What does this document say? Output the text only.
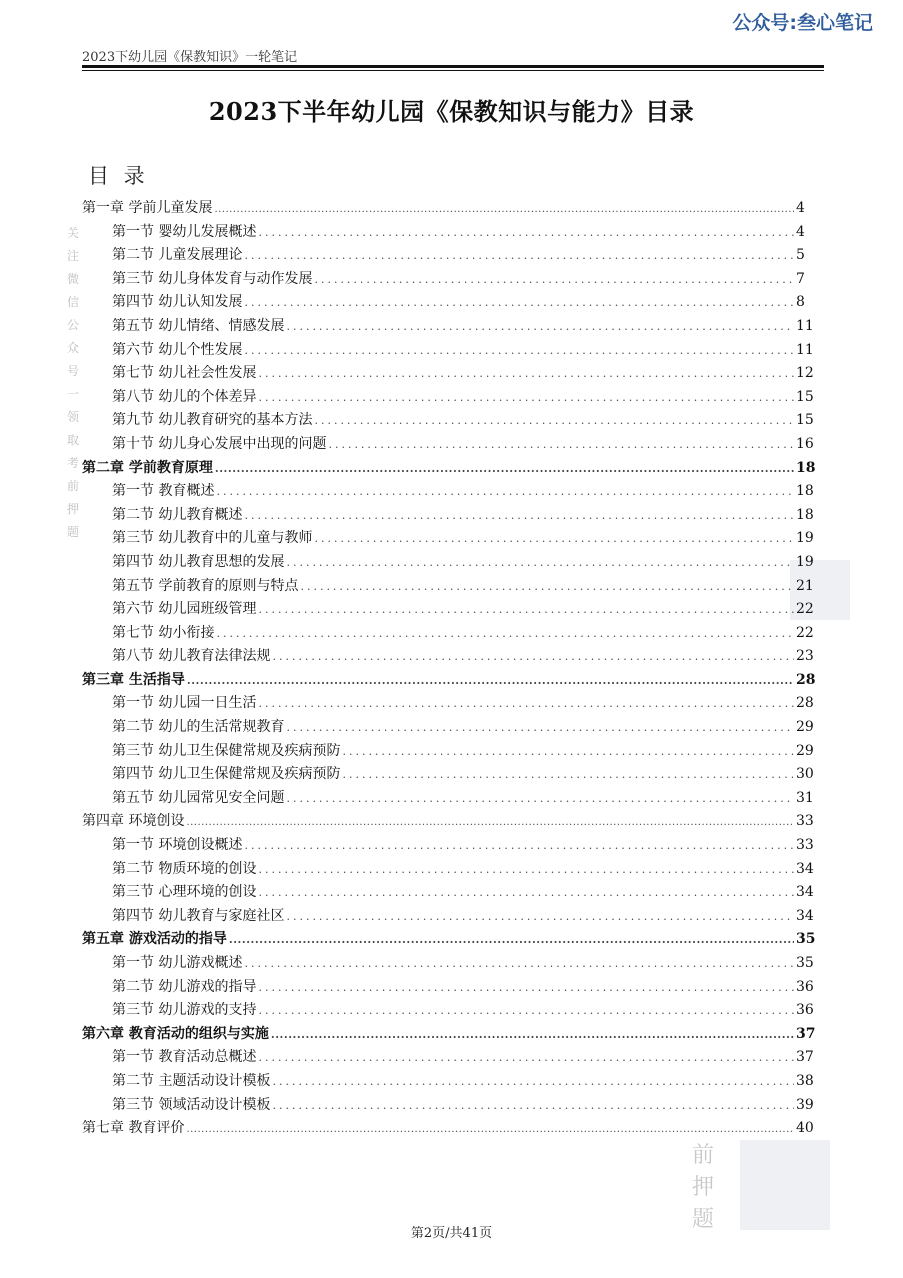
公众号:叁心笔记
2023下幼儿园《保教知识》一轮笔记
2023下半年幼儿园《保教知识与能力》目录
目 录
关注微信公众号一领取考前押题
前押题
第一章 学前儿童发展 .....	4
第一节 婴幼儿发展概述 .....	4
第二节 儿童发展理论 .....	5
第三节 幼儿身体发育与动作发展 .....	7
第四节 幼儿认知发展 .....	8
第五节 幼儿情绪、情感发展 .....	11
第六节 幼儿个性发展 .....	11
第七节 幼儿社会性发展 .....	12
第八节 幼儿的个体差异 .....	15
第九节 幼儿教育研究的基本方法 .....	15
第十节 幼儿身心发展中出现的问题 .....	16
第二章 学前教育原理 .....	18
第一节 教育概述 .....	18
第二节 幼儿教育概述 .....	18
第三节 幼儿教育中的儿童与教师 .....	19
第四节 幼儿教育思想的发展 .....	19
第五节 学前教育的原则与特点 .....	21
第六节 幼儿园班级管理 .....	22
第七节 幼小衔接 .....	22
第八节 幼儿教育法律法规 .....	23
第三章 生活指导 .....	28
第一节 幼儿园一日生活 .....	28
第二节 幼儿的生活常规教育 .....	29
第三节 幼儿卫生保健常规及疾病预防 .....	29
第四节 幼儿卫生保健常规及疾病预防 .....	30
第五节 幼儿园常见安全问题 .....	31
第四章 环境创设 .....	33
第一节 环境创设概述 .....	33
第二节 物质环境的创设 .....	34
第三节 心理环境的创设 .....	34
第四节 幼儿教育与家庭社区 .....	34
第五章 游戏活动的指导 .....	35
第一节 幼儿游戏概述 .....	35
第二节 幼儿游戏的指导 .....	36
第三节 幼儿游戏的支持 .....	36
第六章 教育活动的组织与实施 .....	37
第一节 教育活动总概述 .....	37
第二节 主题活动设计模板 .....	38
第三节 领域活动设计模板 .....	39
第七章 教育评价 .....	40
第2页/共41页
